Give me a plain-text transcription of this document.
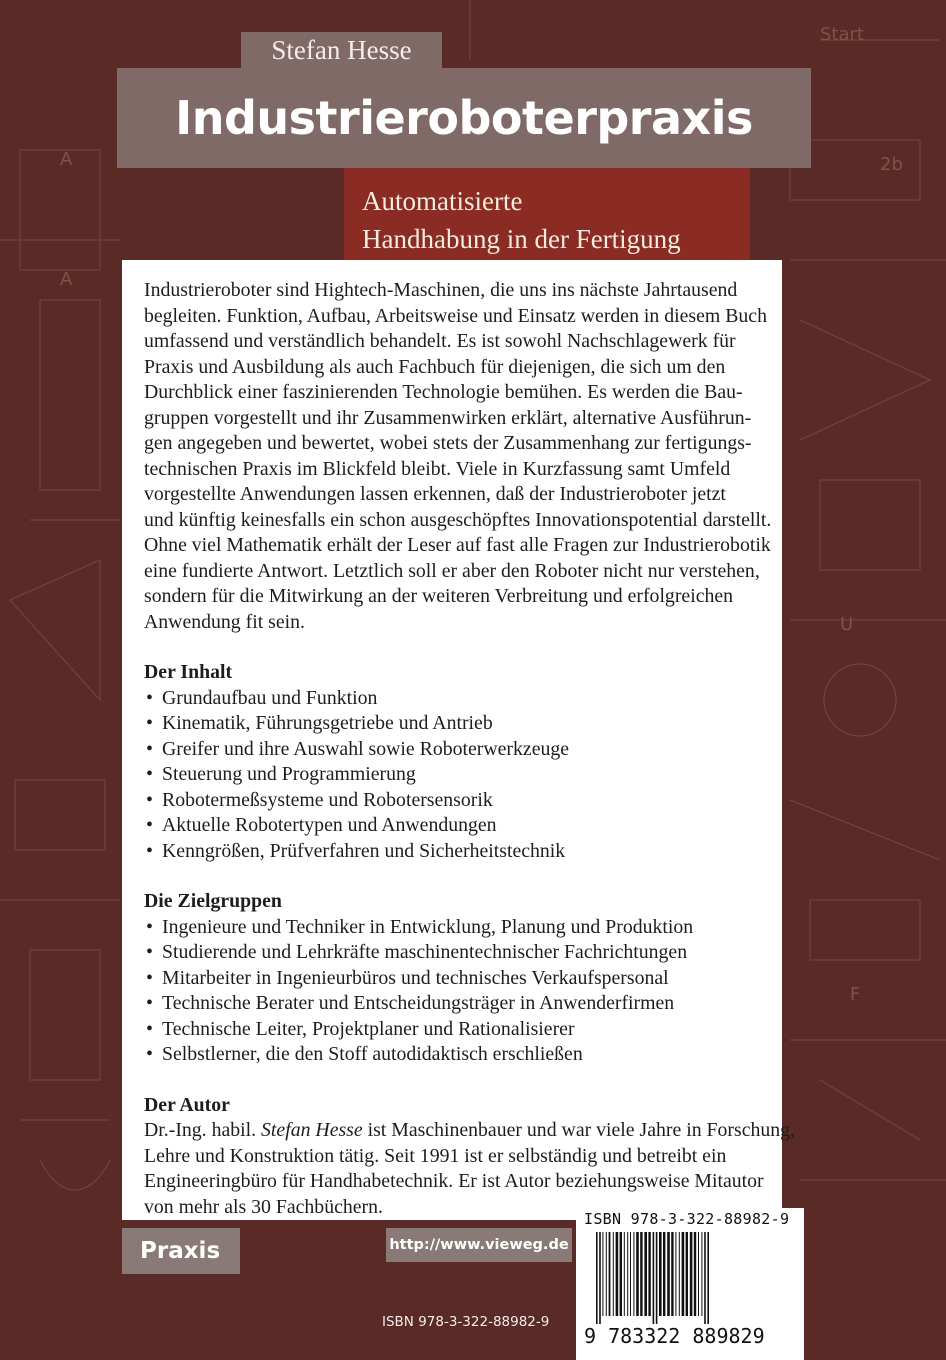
A
A
2b
F
Start
U
Stefan Hesse
Industrieroboterpraxis
Automatisierte
Handhabung in der Fertigung

Industrieroboter sind Hightech-Maschinen, die uns ins nächste Jahrtausend
begleiten. Funktion, Aufbau, Arbeitsweise und Einsatz werden in diesem Buch
umfassend und verständlich behandelt. Es ist sowohl Nachschlagewerk für
Praxis und Ausbildung als auch Fachbuch für diejenigen, die sich um den
Durchblick einer faszinierenden Technologie bemühen. Es werden die Bau-
gruppen vorgestellt und ihr Zusammenwirken erklärt, alternative Ausführun-
gen angegeben und bewertet, wobei stets der Zusammenhang zur fertigungs-
technischen Praxis im Blickfeld bleibt. Viele in Kurzfassung samt Umfeld
vorgestellte Anwendungen lassen erkennen, daß der Industrieroboter jetzt
und künftig keinesfalls ein schon ausgeschöpftes Innovationspotential darstellt.
Ohne viel Mathematik erhält der Leser auf fast alle Fragen zur Industrierobotik
eine fundierte Antwort. Letztlich soll er aber den Roboter nicht nur verstehen,
sondern für die Mitwirkung an der weiteren Verbreitung und erfolgreichen
Anwendung fit sein.

Der Inhalt
• Grundaufbau und Funktion
• Kinematik, Führungsgetriebe und Antrieb
• Greifer und ihre Auswahl sowie Roboterwerkzeuge
• Steuerung und Programmierung
• Robotermeßsysteme und Robotersensorik
• Aktuelle Robotertypen und Anwendungen
• Kenngrößen, Prüfverfahren und Sicherheitstechnik
Die Zielgruppen
• Ingenieure und Techniker in Entwicklung, Planung und Produktion
• Studierende und Lehrkräfte maschinentechnischer Fachrichtungen
• Mitarbeiter in Ingenieurbüros und technisches Verkaufspersonal
• Technische Berater und Entscheidungsträger in Anwenderfirmen
• Technische Leiter, Projektplaner und Rationalisierer
• Selbstlerner, die den Stoff autodidaktisch erschließen
Der Autor
Dr.-Ing. habil. Stefan Hesse ist Maschinenbauer und war viele Jahre in Forschung,
Lehre und Konstruktion tätig. Seit 1991 ist er selbständig und betreibt ein
Engineeringbüro für Handhabetechnik. Er ist Autor beziehungsweise Mitautor
von mehr als 30 Fachbüchern.
Praxis	http://www.vieweg.de
ISBN 978-3-322-88982-9
ISBN 978-3-322-88982-9
9 783322 889829
